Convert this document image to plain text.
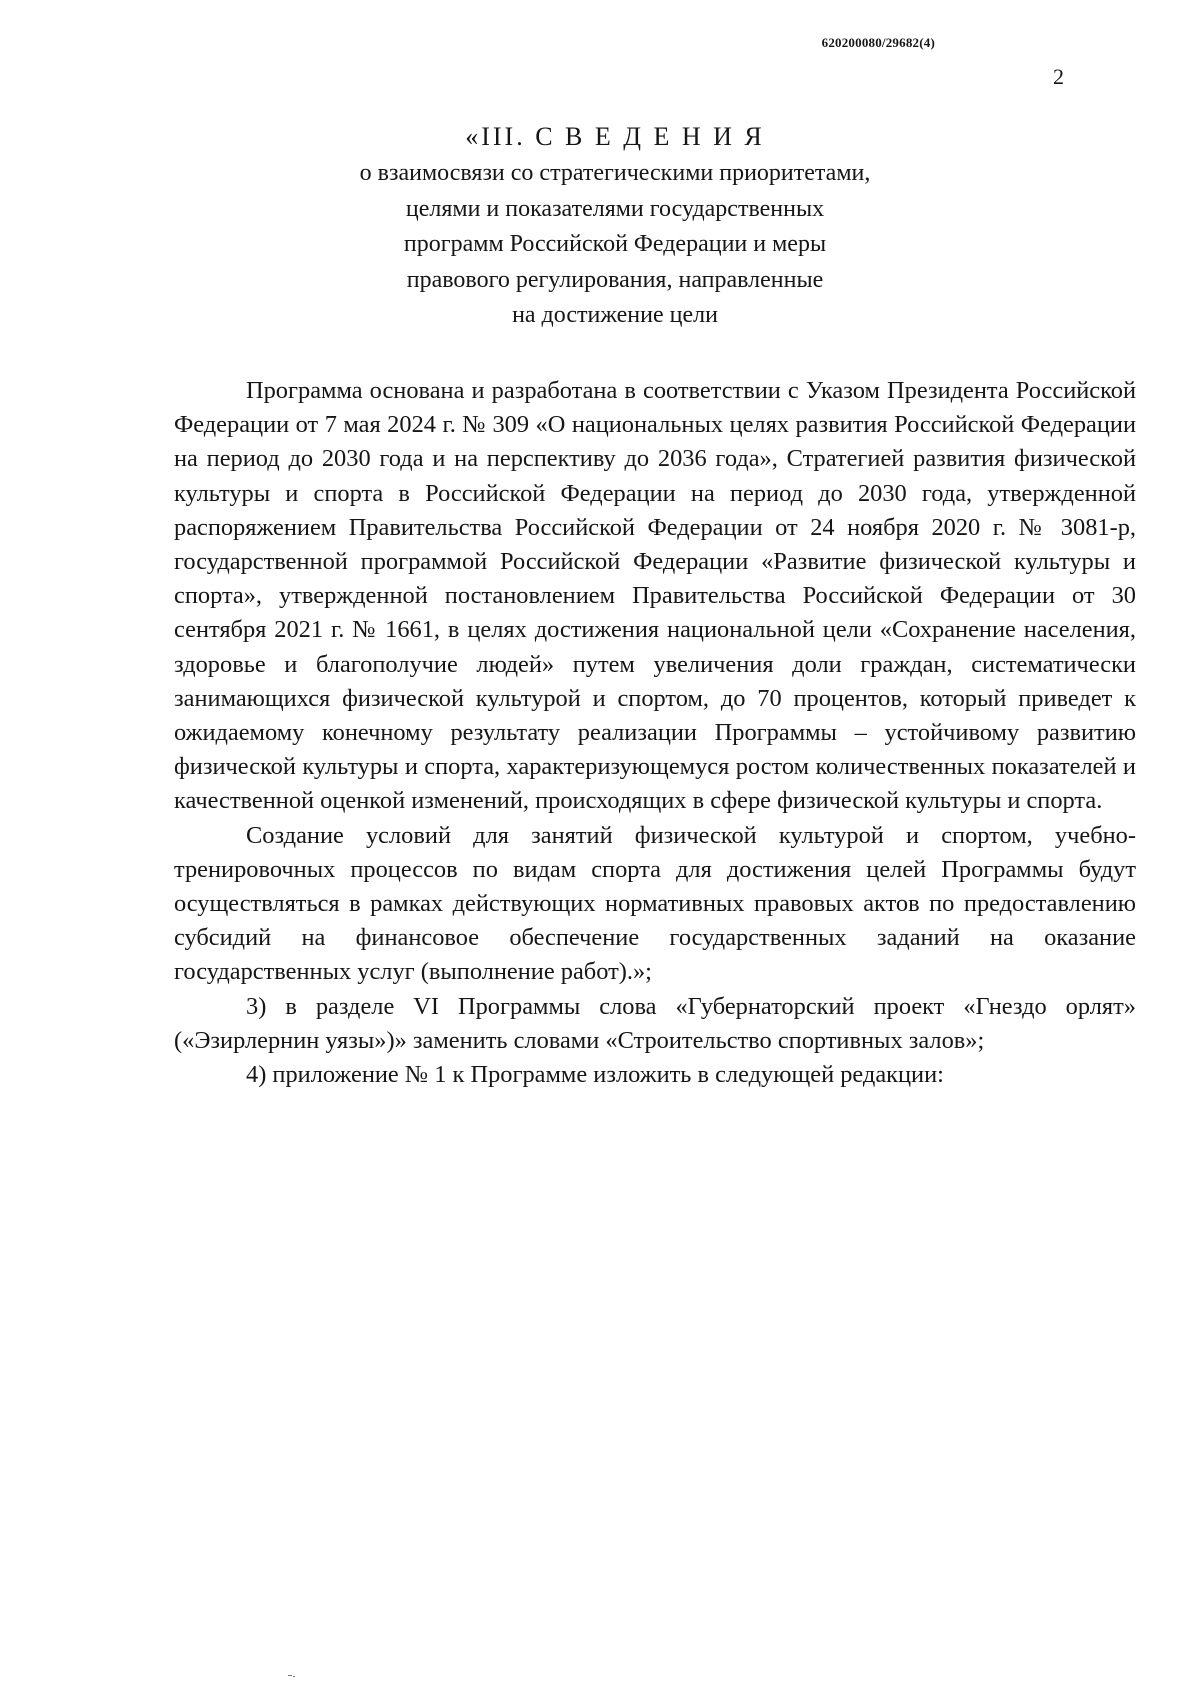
620200080/29682(4)
2
«III. С В Е Д Е Н И Я
о взаимосвязи со стратегическими приоритетами,
целями и показателями государственных
программ Российской Федерации и меры
правового регулирования, направленные
на достижение цели

Программа основана и разработана в соответствии с Указом Президента Российской Федерации от 7 мая 2024 г. № 309 «О национальных целях развития Российской Федерации на период до 2030 года и на перспективу до 2036 года», Стратегией развития физической культуры и спорта в Российской Федерации на период до 2030 года, утвержденной распоряжением Правительства Российской Федерации от 24 ноября 2020 г. № 3081-р, государственной программой Российской Федерации «Развитие физической культуры и спорта», утвержденной постановлением Правительства Российской Федерации от 30 сентября 2021 г. № 1661, в целях достижения национальной цели «Сохранение населения, здоровье и благополучие людей» путем увеличения доли граждан, систематически занимающихся физической культурой и спортом, до 70 процентов, который приведет к ожидаемому конечному результату реализации Программы – устойчивому развитию физической культуры и спорта, характеризующемуся ростом количественных показателей и качественной оценкой изменений, происходящих в сфере физической культуры и спорта.

Создание условий для занятий физической культурой и спортом, учебно-тренировочных процессов по видам спорта для достижения целей Программы будут осуществляться в рамках действующих нормативных правовых актов по предоставлению субсидий на финансовое обеспечение государственных заданий на оказание государственных услуг (выполнение работ).»;

3) в разделе VI Программы слова «Губернаторский проект «Гнездо орлят» («Эзирлернин уязы»)» заменить словами «Строительство спортивных залов»;

4) приложение № 1 к Программе изложить в следующей редакции:
